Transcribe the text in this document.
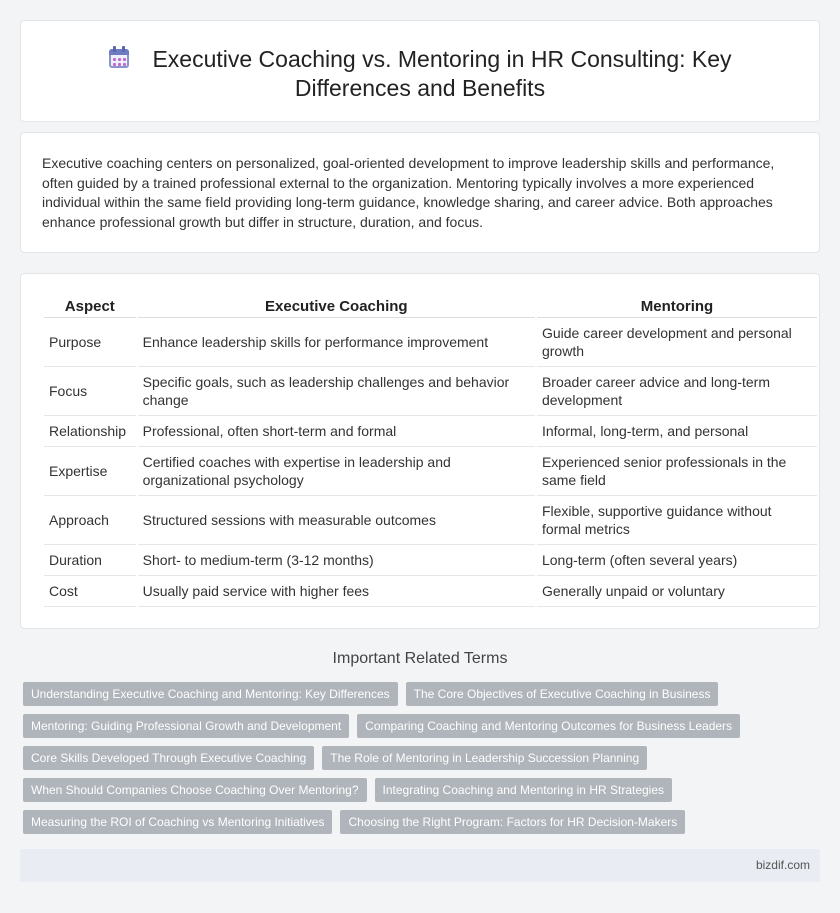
Executive Coaching vs. Mentoring in HR Consulting: Key
Differences and Benefits

Executive coaching centers on personalized, goal-oriented development to improve leadership skills and performance, often guided by a trained professional external to the organization. Mentoring typically involves a more experienced individual within the same field providing long-term guidance, knowledge sharing, and career advice. Both approaches enhance professional growth but differ in structure, duration, and focus.

Aspect	Executive Coaching	Mentoring
Purpose	Enhance leadership skills for performance improvement	Guide career development and personal growth
Focus	Specific goals, such as leadership challenges and behavior change	Broader career advice and long-term development
Relationship	Professional, often short-term and formal	Informal, long-term, and personal
Expertise	Certified coaches with expertise in leadership and organizational psychology	Experienced senior professionals in the same field
Approach	Structured sessions with measurable outcomes	Flexible, supportive guidance without formal metrics
Duration	Short- to medium-term (3-12 months)	Long-term (often several years)
Cost	Usually paid service with higher fees	Generally unpaid or voluntary
Important Related Terms
Understanding Executive Coaching and Mentoring: Key Differences	The Core Objectives of Executive Coaching in Business
Mentoring: Guiding Professional Growth and Development	Comparing Coaching and Mentoring Outcomes for Business Leaders
Core Skills Developed Through Executive Coaching	The Role of Mentoring in Leadership Succession Planning
When Should Companies Choose Coaching Over Mentoring?	Integrating Coaching and Mentoring in HR Strategies
Measuring the ROI of Coaching vs Mentoring Initiatives	Choosing the Right Program: Factors for HR Decision-Makers
bizdif.com
